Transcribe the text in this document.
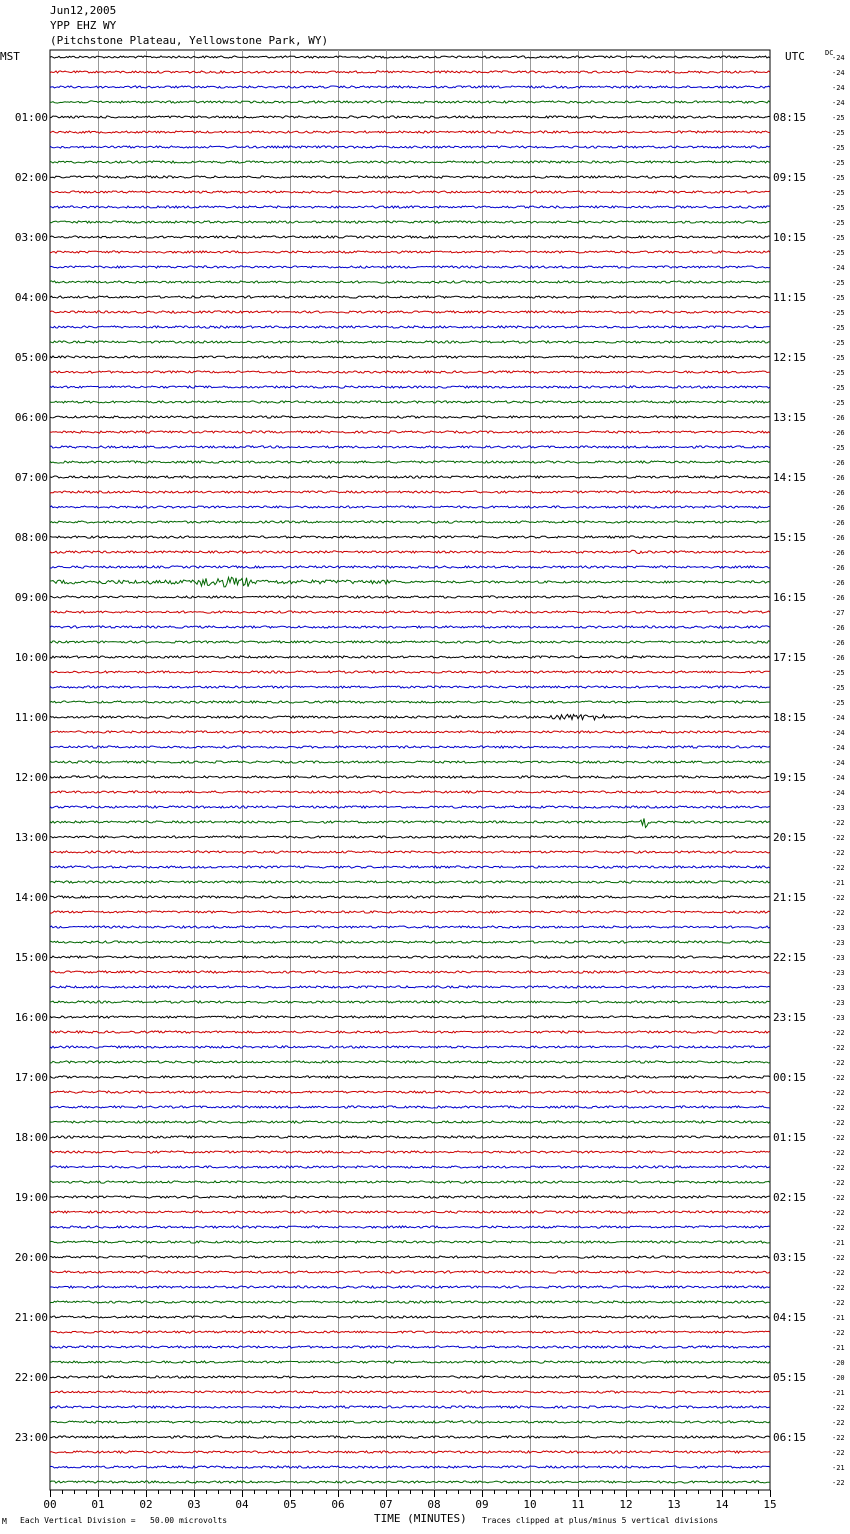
Jun12,2005
YPP EHZ WY
(Pitchstone Plateau, Yellowstone Park, WY)
MST	UTC	DC
-24
-24
-24
-24
-25
01:00	08:15
-25
-25
-25
-25
02:00	09:15
-25
-25
-25
-25
03:00	10:15
-25
-24
-25
-25
04:00	11:15
-25
-25
-25
-25
05:00	12:15
-25
-25
-25
-26
06:00	13:15
-26
-25
-26
-26
07:00	14:15
-26
-26
-26
-26
08:00	15:15
-26
-26
-26
-26
09:00	16:15
-27
-26
-26
-26
10:00	17:15
-25
-25
-25
-24
11:00	18:15
-24
-24
-24
-24
12:00	19:15
-24
-23
-22
-22
13:00	20:15
-22
-22
-21
-22
14:00	21:15
-22
-23
-23
-23
15:00	22:15
-23
-23
-23
-23
16:00	23:15
-22
-22
-22
-22
17:00	00:15
-22
-22
-22
-22
18:00	01:15
-22
-22
-22
-22
19:00	02:15
-22
-22
-21
-22
20:00	03:15
-22
-22
-22
-21
21:00	04:15
-22
-21
-20
-20
22:00	05:15
-21
-22
-22
-22
23:00	06:15
-22
-21
-22
00	01	02	03	04	05	06	07	08	09	10	11	12	13	14	15
M Each Vertical Division =   50.00 microvolts	TIME (MINUTES) Traces clipped at plus/minus 5 vertical divisions
